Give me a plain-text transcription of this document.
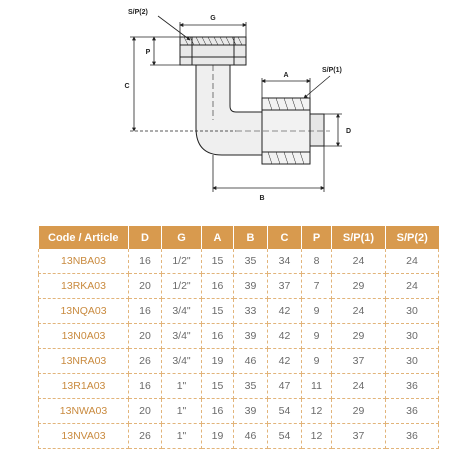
G
P
C
A
B
D
S/P(2)
S/P(1)
Code / Article	D	G	A	B	C	P	S/P(1)	S/P(2)
13NBA03	16	1/2"	15	35	34	8	24	24
13RKA03	20	1/2"	16	39	37	7	29	24
13NQA03	16	3/4"	15	33	42	9	24	30
13N0A03	20	3/4"	16	39	42	9	29	30
13NRA03	26	3/4"	19	46	42	9	37	30
13R1A03	16	1"	15	35	47	11	24	36
13NWA03	20	1"	16	39	54	12	29	36
13NVA03	26	1"	19	46	54	12	37	36
